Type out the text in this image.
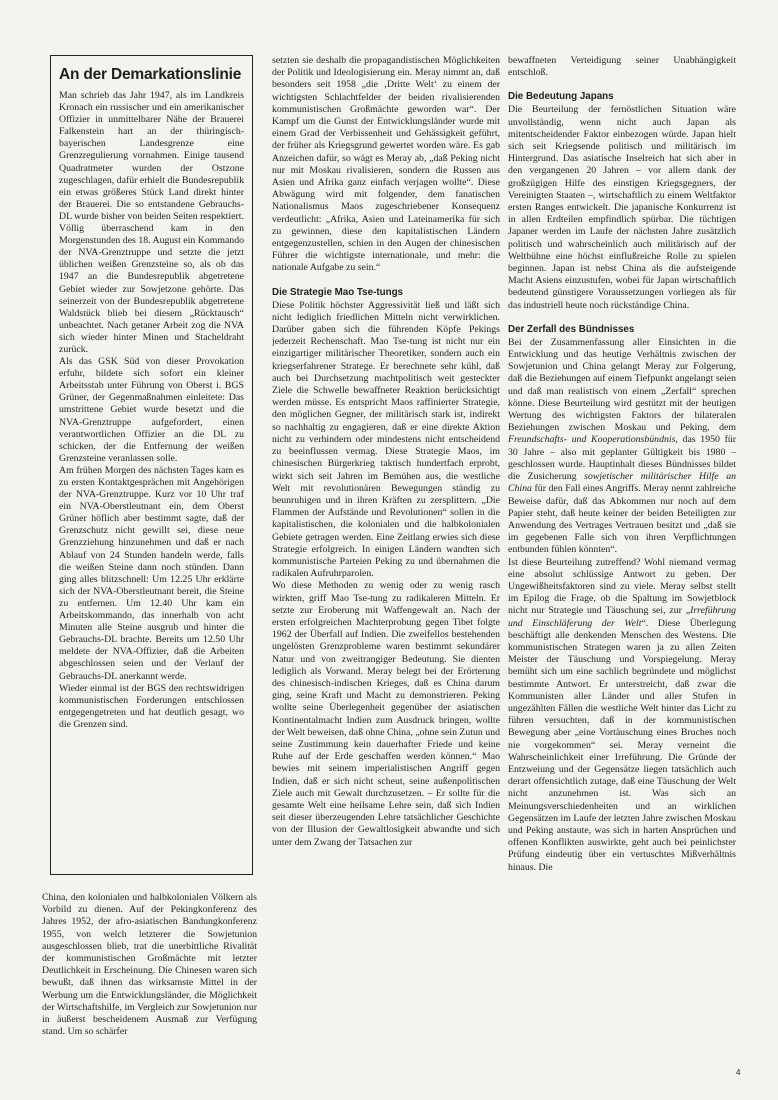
An der Demarkationslinie

Man schrieb das Jahr 1947, als im Landkreis Kronach ein russischer und ein amerikanischer Offizier in unmittelbarer Nähe der Brauerei Falkenstein hart an der thüringisch-bayerischen Landesgrenze eine Grenzregulierung vornahmen. Einige tausend Quadratmeter wurden der Ostzone zugeschlagen, dafür erhielt die Bundesrepublik ein etwas größeres Stück Land direkt hinter der Brauerei. Die so entstandene Gebrauchs-DL wurde bisher von beiden Seiten respektiert.

Völlig überraschend kam in den Morgenstunden des 18. August ein Kommando der NVA-Grenztruppe und setzte die jetzt üblichen weißen Grenzsteine so, als ob das 1947 an die Bundesrepublik abgetretene Gebiet wieder zur Sowjetzone gehörte. Das seinerzeit von der Bundesrepublik abgetretene Waldstück blieb bei diesem „Rücktausch“ unbeachtet. Nach getaner Arbeit zog die NVA sich wieder hinter Minen und Stacheldraht zurück.

Als das GSK Süd von dieser Provokation erfuhr, bildete sich sofort ein kleiner Arbeitsstab unter Führung von Oberst i. BGS Grüner, der Gegenmaßnahmen einleitete: Das umstrittene Gebiet wurde besetzt und die NVA-Grenztruppe aufgefordert, einen verantwortlichen Offizier an die DL zu schicken, der die Entfernung der weißen Grenzsteine veranlassen solle.

Am frühen Morgen des nächsten Tages kam es zu ersten Kontaktgesprächen mit Angehörigen der NVA-Grenztruppe. Kurz vor 10 Uhr traf ein NVA-Oberstleutnant ein, dem Oberst Grüner höflich aber bestimmt sagte, daß der Grenzschutz nicht gewillt sei, diese neue Grenzziehung hinzunehmen und daß er nach Ablauf von 24 Stunden handeln werde, falls die weißen Steine dann noch stünden. Dann ging alles blitzschnell: Um 12.25 Uhr erklärte sich der NVA-Oberstleutnant bereit, die Steine zu entfernen. Um 12.40 Uhr kam ein Arbeitskommando, das innerhalb von acht Minuten alle Steine ausgrub und hinter die Gebrauchs-DL brachte. Bereits um 12.50 Uhr meldete der NVA-Offizier, daß die Arbeiten abgeschlossen seien und der Verlauf der Gebrauchs-DL anerkannt werde.

Wieder einmal ist der BGS den rechtswidrigen kommunistischen Forderungen entschlossen entgegengetreten und hat deutlich gesagt, wo die Grenzen sind.

China, den kolonialen und halbkolonialen Völkern als Vorbild zu dienen. Auf der Pekingkonferenz des Jahres 1952, der afro-asiatischen Bandungkonferenz 1955, von welch letzterer die Sowjetunion ausgeschlossen blieb, trat die unerbittliche Rivalität der kommunistischen Großmächte mit letzter Deutlichkeit in Erscheinung. Die Chinesen waren sich bewußt, daß ihnen das wirksamste Mittel in der Werbung um die Entwicklungsländer, die Möglichkeit der Wirtschaftshilfe, im Vergleich zur Sowjetunion nur in äußerst bescheidenem Ausmaß zur Verfügung stand. Um so schärfer

setzten sie deshalb die propagandistischen Möglichkeiten der Politik und Ideologisierung ein. Meray nimmt an, daß besonders seit 1958 „die ‚Dritte Welt‘ zu einem der wichtigsten Schlachtfelder der beiden rivalisierenden kommunistischen Großmächte geworden war“. Der Kampf um die Gunst der Entwicklungsländer wurde mit einem Grad der Verbissenheit und Gehässigkeit geführt, der früher als Kriegsgrund gewertet worden wäre. Es gab Anzeichen dafür, so wägt es Meray ab, „daß Peking nicht nur mit Moskau rivalisieren, sondern die Russen aus Asien und Afrika ganz einfach verjagen wollte“. Diese Abwägung wird mit folgender, dem fanatischen Nationalismus Maos zugeschriebener Konsequenz verdeutlicht: „Afrika, Asien und Lateinamerika für sich zu gewinnen, diese den kapitalistischen Ländern entgegenzustellen, schien in den Augen der chinesischen Führer die wichtigste internationale, und mehr: die nationale Aufgabe zu sein.“

Die Strategie Mao Tse-tungs

Diese Politik höchster Aggressivität ließ und läßt sich nicht lediglich friedlichen Mitteln nicht verwirklichen. Darüber gaben sich die führenden Köpfe Pekings jederzeit Rechenschaft. Mao Tse-tung ist nicht nur ein einzigartiger militärischer Theoretiker, sondern auch ein kriegserfahrener Stratege. Er berechnete sehr kühl, daß auch bei Durchsetzung machtpolitisch weit gesteckter Ziele die Schwelle bewaffneter Reaktion berücksichtigt werden müsse. Es entspricht Maos raffinierter Strategie, den möglichen Gegner, der militärisch stark ist, indirekt so nachhaltig zu engagieren, daß er eine direkte Aktion nicht zu verhindern oder mindestens nicht entscheidend zu beeinflussen vermag. Diese Strategie Maos, im chinesischen Bürgerkrieg taktisch hundertfach erprobt, wirkt sich seit Jahren im Bemühen aus, die westliche Welt mit revolutionären Bewegungen ständig zu beunruhigen und in ihren Kräften zu zersplittern. „Die Flammen der Aufstände und Revolutionen“ sollen in die kapitalistischen, die kolonialen und die halbkolonialen Gebiete getragen werden. Eine Zeitlang erwies sich diese Strategie erfolgreich. In einigen Ländern wandten sich kommunistische Parteien Peking zu und übernahmen die radikalen Aufruhrparolen.

Wo diese Methoden zu wenig oder zu wenig rasch wirkten, griff Mao Tse-tung zu radikaleren Mitteln. Er setzte zur Eroberung mit Waffengewalt an. Nach der ersten erfolgreichen Machterprobung gegen Tibet folgte 1962 der Überfall auf Indien. Die zweifellos bestehenden ungelösten Grenzprobleme waren bestimmt sekundärer Natur und von zweitrangiger Bedeutung. Sie dienten lediglich als Vorwand. Meray belegt bei der Erörterung des chinesisch-indischen Krieges, daß es China darum ging, seine Kraft und Macht zu demonstrieren. Peking wollte seine Überlegenheit gegenüber der asiatischen Kontinentalmacht Indien zum Ausdruck bringen, wollte der Welt beweisen, daß ohne China, „ohne sein Zutun und seine Zustimmung kein dauerhafter Friede und keine Ruhe auf der Erde geschaffen werden können.“ Mao bewies mit seinem imperialistischen Angriff gegen Indien, daß er sich nicht scheut, seine außenpolitischen Ziele auch mit Gewalt durchzusetzen. – Er sollte für die gesamte Welt eine heilsame Lehre sein, daß sich Indien seit dieser überzeugenden Lehre tatsächlicher Geschichte von der Illusion der Gewaltlosigkeit abwandte und sich unter dem Zwang der Tatsachen zur

bewaffneten Verteidigung seiner Unabhängigkeit entschloß.

Die Bedeutung Japans

Die Beurteilung der fernöstlichen Situation wäre unvollständig, wenn nicht auch Japan als mitentscheidender Faktor einbezogen würde. Japan hielt sich seit Kriegsende politisch und militärisch im Hintergrund. Das asiatische Inselreich hat sich aber in den vergangenen 20 Jahren – vor allem dank der großzügigen Hilfe des einstigen Kriegsgegners, der Vereinigten Staaten –, wirtschaftlich zu einem Weltfaktor ersten Ranges entwickelt. Die japanische Konkurrenz ist in allen Erdteilen empfindlich spürbar. Die tüchtigen Japaner werden im Laufe der nächsten Jahre zusätzlich politisch und wahrscheinlich auch militärisch auf der Weltbühne eine höchst einflußreiche Rolle zu spielen beginnen. Japan ist nebst China als die aufsteigende Macht Asiens einzustufen, wobei für Japan wirtschaftlich bedeutend günstigere Voraussetzungen vorliegen als für das industriell heute noch rückständige China.

Der Zerfall des Bündnisses

Bei der Zusammenfassung aller Einsichten in die Entwicklung und das heutige Verhältnis zwischen der Sowjetunion und China gelangt Meray zur Folgerung, daß die Beziehungen auf einem Tiefpunkt angelangt seien und daß man realistisch von einem „Zerfall“ sprechen könne. Diese Beurteilung wird gestützt mit der heutigen Wertung des wichtigsten Faktors der bilateralen Beziehungen zwischen Moskau und Peking, dem Freundschafts- und Kooperationsbündnis, das 1950 für 30 Jahre – also mit geplanter Gültigkeit bis 1980 – geschlossen wurde. Hauptinhalt dieses Bündnisses bildet die Zusicherung sowjetischer militärischer Hilfe an China für den Fall eines Angriffs. Meray nennt zahlreiche Beweise dafür, daß das Abkommen nur noch auf dem Papier steht, daß heute keiner der beiden Beteiligten zur Anwendung des Vertrages Vertrauen besitzt und „daß sie im gegebenen Falle sich von ihren Verpflichtungen entbunden fühlen könnten“.

Ist diese Beurteilung zutreffend? Wohl niemand vermag eine absolut schlüssige Antwort zu geben. Der Ungewißheitsfaktoren sind zu viele. Meray selbst stellt im Epilog die Frage, ob die Spaltung im Sowjetblock nicht nur Strategie und Täuschung sei, zur „Irreführung und Einschläferung der Welt“. Diese Überlegung beschäftigt alle denkenden Menschen des Westens. Die kommunistischen Strategen waren ja zu allen Zeiten Meister der Täuschung und Vorspiegelung. Meray bemüht sich um eine sachlich begründete und möglichst bestimmte Antwort. Er unterstreicht, daß zwar die Kommunisten aller Länder und aller Stufen in ungezählten Fällen die westliche Welt hinter das Licht zu führen versuchten, daß in der kommunistischen Bewegung aber „eine Vortäuschung eines Bruches noch nie vorgekommen“ sei. Meray verneint die Wahrscheinlichkeit einer Irreführung. Die Gründe der Entzweiung und der Gegensätze liegen tatsächlich auch derart offensichtlich zutage, daß eine Täuschung der Welt nicht anzunehmen ist. Was sich an Meinungsverschiedenheiten und an wirklichen Gegensätzen im Laufe der letzten Jahre zwischen Moskau und Peking anstaute, was sich in harten Ansprüchen und offenen Konflikten auswirkte, geht auch bei peinlichster Prüfung eindeutig über ein vertuschtes Mißverhältnis hinaus. Die

4
